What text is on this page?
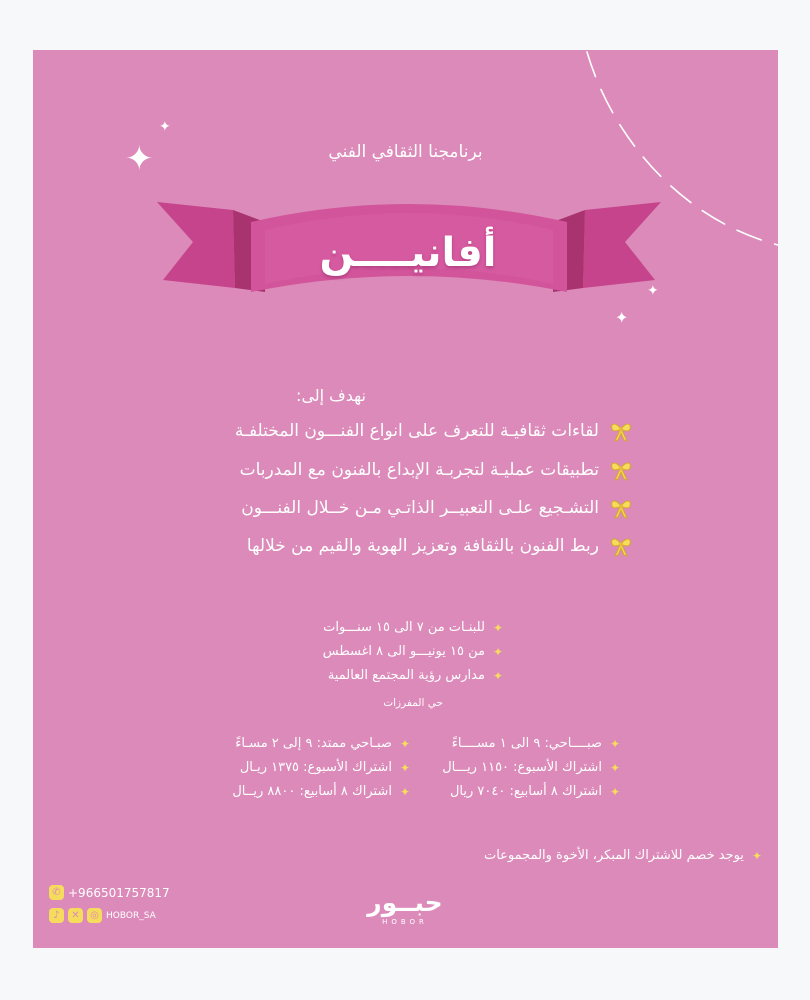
✦
✦
✦
✦
برنامجنا الثقافي الفني
أفانيــــن
نهدف إلى:
لقاءات ثقافيـة للتعرف على انواع الفنـــون المختلفـة
تطبيقات عمليـة لتجربـة الإبداع بالفنون مع المدربات
التشـجيع علـى التعبيــر الذاتـي مـن خــلال الفنـــون
ربط الفنون بالثقافة وتعزيز الهوية والقيم من خلالها
✦
للبنـات من ٧ الى ١٥ سنـــوات
✦
من ١٥ يونيـــو الى ٨ اغسطس
✦
مدارس رؤية المجتمع العالمية
حي المفرزات
✦
صبــــاحي: ٩ الى ١ مســــاءً
✦
اشتراك الأسبوع: ١١٥٠ ريـــال
✦
اشتراك ٨ أسابيع: ٧٠٤٠ ريال
✦
صبـاحي ممتد: ٩ إلى ٢ مسـاءً
✦
اشتراك الأسبوع: ١٣٧٥ ريـال
✦
اشتراك ٨ أسابيع: ٨٨٠٠ ريــال
✦
يوجد خصم للاشتراك المبكر، الأخوة والمجموعات
✆ +966501757817
♪	✕	◎ HOBOR_SA	حبــور
HOBOR
